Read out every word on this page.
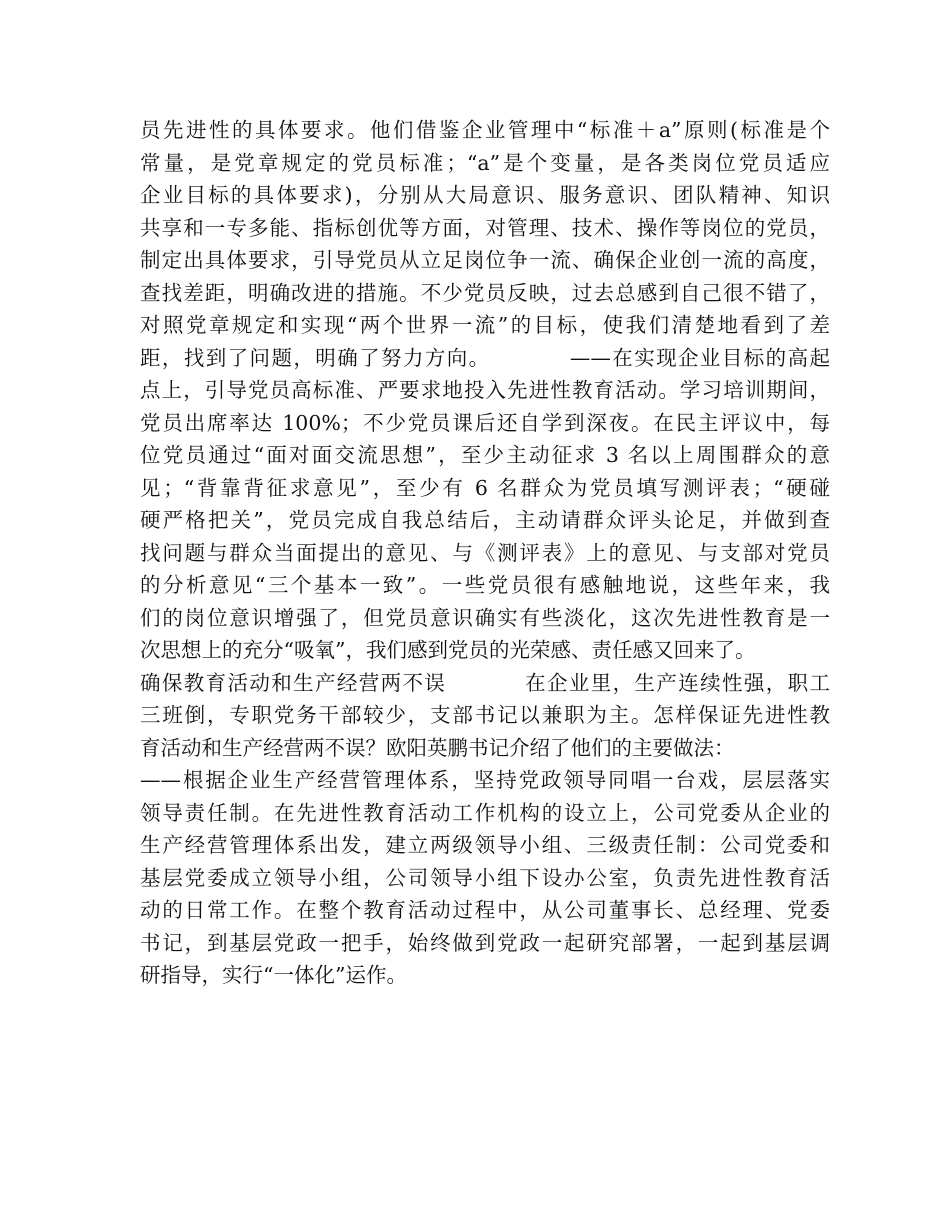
员先进性的具体要求。他们借鉴企业管理中“标准＋a”原则(标准是个
常量，是党章规定的党员标准；“a”是个变量，是各类岗位党员适应
企业目标的具体要求)，分别从大局意识、服务意识、团队精神、知识
共享和一专多能、指标创优等方面，对管理、技术、操作等岗位的党员，
制定出具体要求，引导党员从立足岗位争一流、确保企业创一流的高度，
查找差距，明确改进的措施。不少党员反映，过去总感到自己很不错了，
对照党章规定和实现“两个世界一流”的目标，使我们清楚地看到了差
距，找到了问题，明确了努力方向。          ——在实现企业目标的高起
点上，引导党员高标准、严要求地投入先进性教育活动。学习培训期间，
党员出席率达 100%；不少党员课后还自学到深夜。在民主评议中，每
位党员通过“面对面交流思想”，至少主动征求 3 名以上周围群众的意
见；“背靠背征求意见”，至少有 6 名群众为党员填写测评表；“硬碰
硬严格把关”，党员完成自我总结后，主动请群众评头论足，并做到查
找问题与群众当面提出的意见、与《测评表》上的意见、与支部对党员
的分析意见“三个基本一致”。一些党员很有感触地说，这些年来，我
们的岗位意识增强了，但党员意识确实有些淡化，这次先进性教育是一
次思想上的充分“吸氧”，我们感到党员的光荣感、责任感又回来了。
确保教育活动和生产经营两不误          在企业里，生产连续性强，职工
三班倒，专职党务干部较少，支部书记以兼职为主。怎样保证先进性教
育活动和生产经营两不误？欧阳英鹏书记介绍了他们的主要做法：
——根据企业生产经营管理体系，坚持党政领导同唱一台戏，层层落实
领导责任制。在先进性教育活动工作机构的设立上，公司党委从企业的
生产经营管理体系出发，建立两级领导小组、三级责任制：公司党委和
基层党委成立领导小组，公司领导小组下设办公室，负责先进性教育活
动的日常工作。在整个教育活动过程中，从公司董事长、总经理、党委
书记，到基层党政一把手，始终做到党政一起研究部署，一起到基层调
研指导，实行“一体化”运作。
